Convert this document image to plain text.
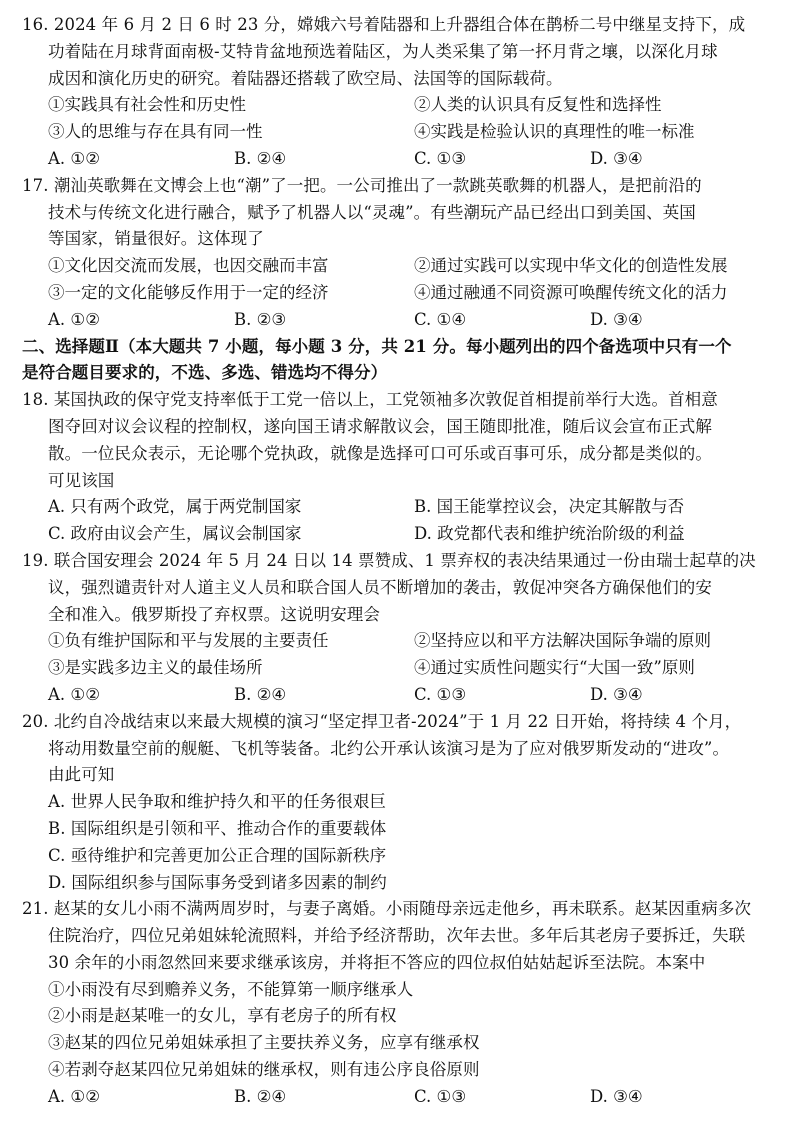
16. 2024 年 6 月 2 日 6 时 23 分，嫦娥六号着陆器和上升器组合体在鹊桥二号中继星支持下，成
功着陆在月球背面南极-艾特肯盆地预选着陆区，为人类采集了第一抔月背之壤，以深化月球
成因和演化历史的研究。着陆器还搭载了欧空局、法国等的国际载荷。
①实践具有社会性和历史性	②人类的认识具有反复性和选择性
③人的思维与存在具有同一性	④实践是检验认识的真理性的唯一标准
A. ①②	B. ②④	C. ①③	D. ③④
17. 潮汕英歌舞在文博会上也“潮”了一把。一公司推出了一款跳英歌舞的机器人，是把前沿的
技术与传统文化进行融合，赋予了机器人以“灵魂”。有些潮玩产品已经出口到美国、英国
等国家，销量很好。这体现了
①文化因交流而发展，也因交融而丰富	②通过实践可以实现中华文化的创造性发展
③一定的文化能够反作用于一定的经济	④通过融通不同资源可唤醒传统文化的活力
A. ①②	B. ②③	C. ①④	D. ③④
二、选择题Ⅱ（本大题共 7 小题，每小题 3 分，共 21 分。每小题列出的四个备选项中只有一个
是符合题目要求的，不选、多选、错选均不得分）
18. 某国执政的保守党支持率低于工党一倍以上，工党领袖多次敦促首相提前举行大选。首相意
图夺回对议会议程的控制权，遂向国王请求解散议会，国王随即批准，随后议会宣布正式解
散。一位民众表示，无论哪个党执政，就像是选择可口可乐或百事可乐，成分都是类似的。
可见该国
A. 只有两个政党，属于两党制国家	B. 国王能掌控议会，决定其解散与否
C. 政府由议会产生，属议会制国家	D. 政党都代表和维护统治阶级的利益
19. 联合国安理会 2024 年 5 月 24 日以 14 票赞成、1 票弃权的表决结果通过一份由瑞士起草的决
议，强烈谴责针对人道主义人员和联合国人员不断增加的袭击，敦促冲突各方确保他们的安
全和准入。俄罗斯投了弃权票。这说明安理会
①负有维护国际和平与发展的主要责任	②坚持应以和平方法解决国际争端的原则
③是实践多边主义的最佳场所	④通过实质性问题实行“大国一致”原则
A. ①②	B. ②④	C. ①③	D. ③④
20. 北约自冷战结束以来最大规模的演习“坚定捍卫者-2024”于 1 月 22 日开始，将持续 4 个月，
将动用数量空前的舰艇、飞机等装备。北约公开承认该演习是为了应对俄罗斯发动的“进攻”。
由此可知
A. 世界人民争取和维护持久和平的任务很艰巨
B. 国际组织是引领和平、推动合作的重要载体
C. 亟待维护和完善更加公正合理的国际新秩序
D. 国际组织参与国际事务受到诸多因素的制约
21. 赵某的女儿小雨不满两周岁时，与妻子离婚。小雨随母亲远走他乡，再未联系。赵某因重病多次
住院治疗，四位兄弟姐妹轮流照料，并给予经济帮助，次年去世。多年后其老房子要拆迁，失联
30 余年的小雨忽然回来要求继承该房，并将拒不答应的四位叔伯姑姑起诉至法院。本案中
①小雨没有尽到赡养义务，不能算第一顺序继承人
②小雨是赵某唯一的女儿，享有老房子的所有权
③赵某的四位兄弟姐妹承担了主要扶养义务，应享有继承权
④若剥夺赵某四位兄弟姐妹的继承权，则有违公序良俗原则
A. ①②	B. ②④	C. ①③	D. ③④
